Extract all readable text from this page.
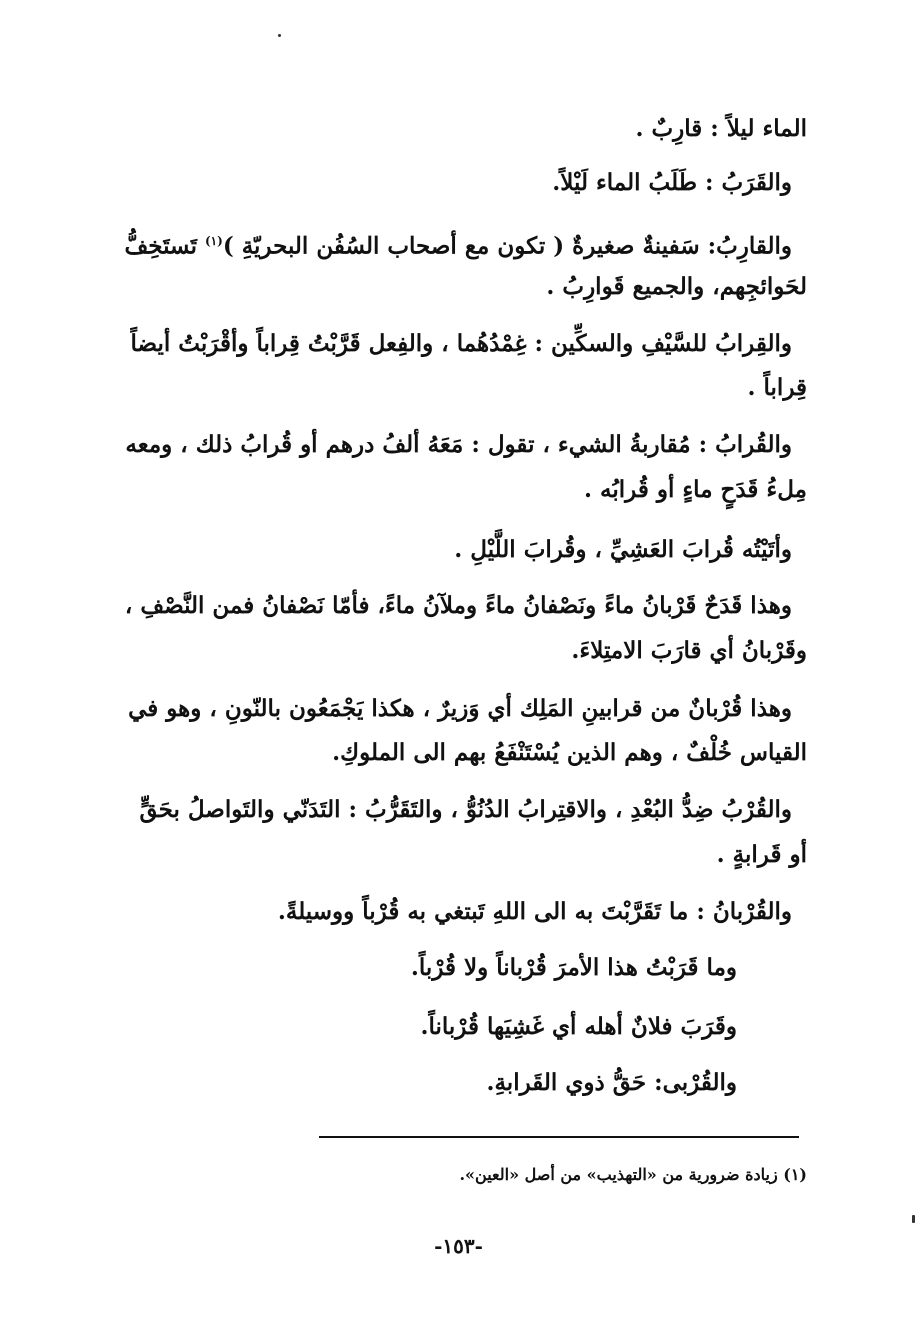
الماء ليلاً : قارِبٌ .
والقَرَبُ : طَلَبُ الماء لَيْلاً.
والقارِبُ: سَفينةٌ صغيرةٌ ( تكون مع أصحاب السُفُن البحريّةِ )$^{(١)}$ تَستَخِفُّ
لحَوائجِهم، والجميع قَوارِبُ .
والقِرابُ للسَّيْفِ والسكِّين : غِمْدُهُما ، والفِعل قَرَّبْتُ قِراباً وأقْرَبْتُ أيضاً
قِراباً .
والقُرابُ : مُقاربةُ الشيء ، تقول : مَعَهُ ألفُ درهم أو قُرابُ ذلك ، ومعه
مِلءُ قَدَحٍ ماءٍ أو قُرابُه .
وأتَيْتُه قُرابَ العَشِيِّ ، وقُرابَ اللَّيْلِ .
وهذا قَدَحٌ قَرْبانُ ماءً ونَصْفانُ ماءً وملآنُ ماءً، فأمّا نَصْفانُ فمن النَّصْفِ ،
وقَرْبانُ أي قارَبَ الامتِلاءَ.
وهذا قُرْبانٌ من قرابينِ المَلِك أي وَزيرٌ ، هكذا يَجْمَعُون بالنّونِ ، وهو في
القياس خُلْفٌ ، وهم الذين يُسْتَنْفَعُ بهم الى الملوكِ.
والقُرْبُ ضِدُّ البُعْدِ ، والاقتِرابُ الدُنُوُّ ، والتَقَرُّبُ : التَدَنّي والتَواصلُ بحَقٍّ
أو قَرابةٍ .
والقُرْبانُ : ما تَقَرَّبْتَ به الى اللهِ تَبتغي به قُرْباً ووسيلةً.
وما قَرَبْتُ هذا الأمرَ قُرْباناً ولا قُرْباً.
وقَرَبَ فلانٌ أهله أي غَشِيَها قُرْباناً.
والقُرْبى: حَقُّ ذوي القَرابةِ.
(١) زيادة ضرورية من «التهذيب» من أصل «العين».
-١٥٣-
